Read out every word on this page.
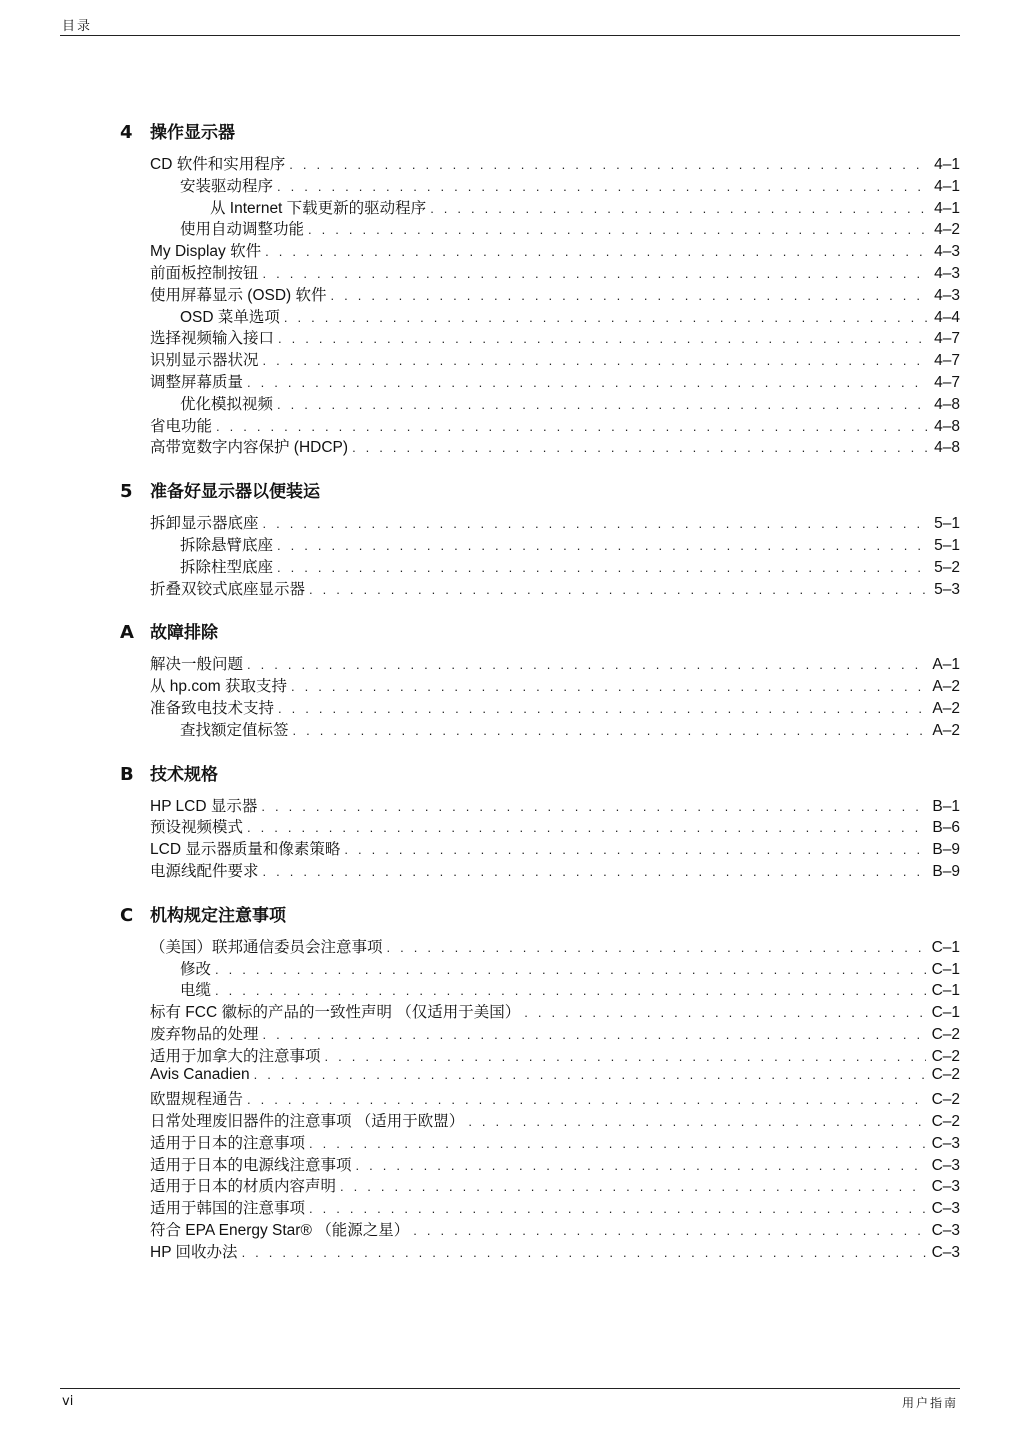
目录
4	操作显示器
CD 软件和实用程序 . . .	4–1
安装驱动程序 . . .	4–1
从 Internet 下载更新的驱动程序 . . .	4–1
使用自动调整功能 . . .	4–2
My Display 软件 . . .	4–3
前面板控制按钮 . . .	4–3
使用屏幕显示 (OSD) 软件 . . .	4–3
OSD 菜单选项 . . .	4–4
选择视频输入接口 . . .	4–7
识别显示器状况 . . .	4–7
调整屏幕质量 . . .	4–7
优化模拟视频 . . .	4–8
省电功能 . . .	4–8
高带宽数字内容保护 (HDCP) . . .	4–8
5	准备好显示器以便装运
拆卸显示器底座 . . .	5–1
拆除悬臂底座 . . .	5–1
拆除柱型底座 . . .	5–2
折叠双铰式底座显示器 . . .	5–3
A 故障排除
解决一般问题 . . .	A–1
从 hp.com 获取支持 . . .	A–2
准备致电技术支持 . . .	A–2
查找额定值标签 . . .	A–2
B 技术规格
HP LCD 显示器 . . .	B–1
预设视频模式 . . .	B–6
LCD 显示器质量和像素策略 . . .	B–9
电源线配件要求 . . .	B–9
C 机构规定注意事项
（美国）联邦通信委员会注意事项 . . .	C–1
修改 . . .	C–1
电缆 . . .	C–1
标有 FCC 徽标的产品的一致性声明 （仅适用于美国） . . .	C–1
废弃物品的处理 . . .	C–2
适用于加拿大的注意事项 . . .	C–2
Avis Canadien . . .	C–2
欧盟规程通告 . . .	C–2
日常处理废旧器件的注意事项 （适用于欧盟） . . .	C–2
适用于日本的注意事项 . . .	C–3
适用于日本的电源线注意事项 . . .	C–3
适用于日本的材质内容声明 . . .	C–3
适用于韩国的注意事项 . . .	C–3
符合 EPA Energy Star® （能源之星） . . .	C–3
HP 回收办法 . . .	C–3
vi	用户指南
